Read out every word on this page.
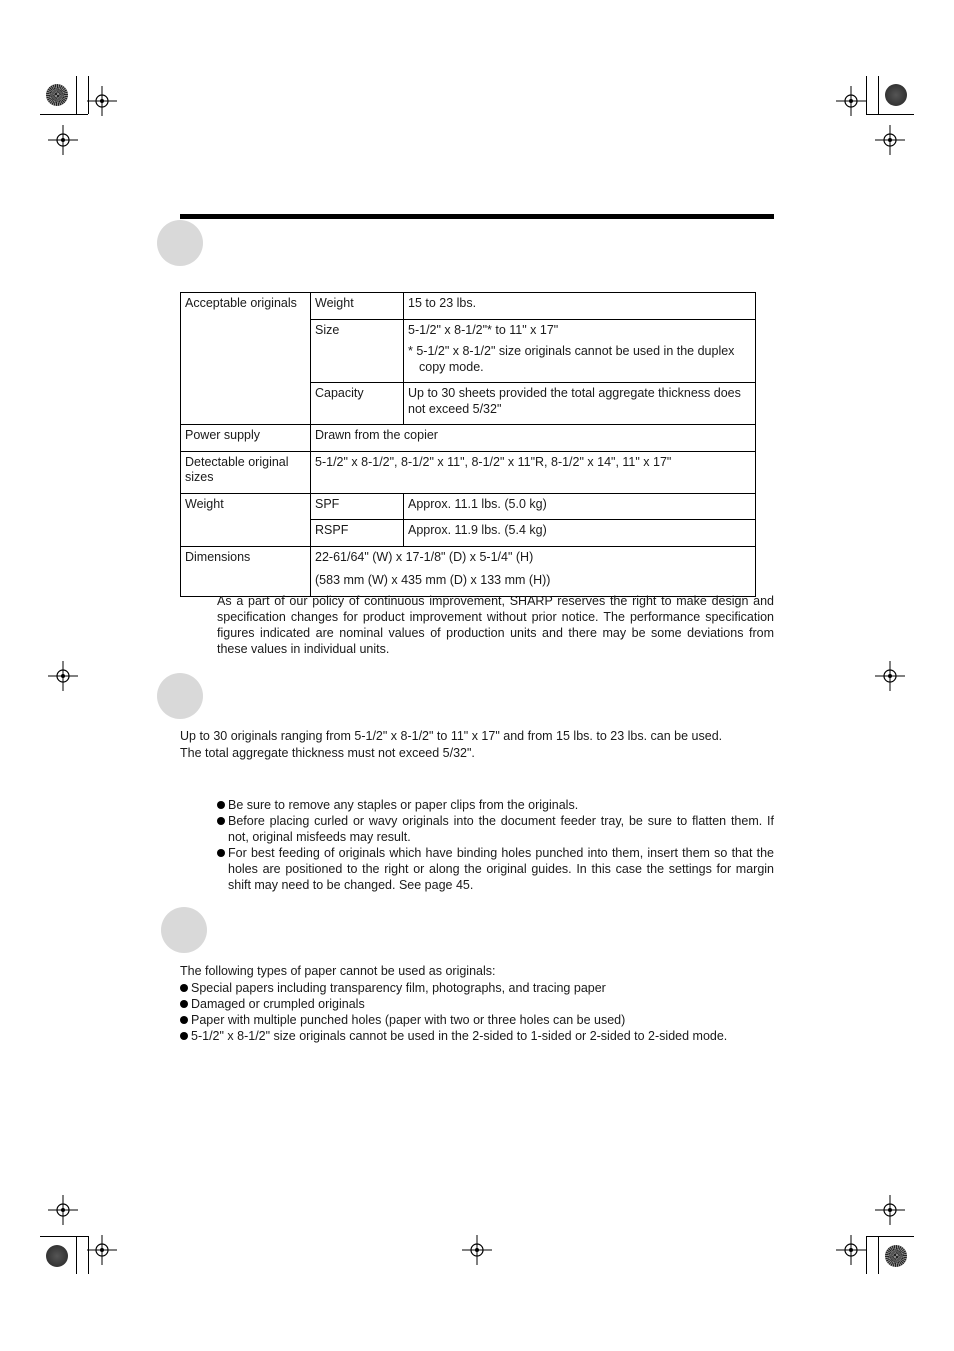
Acceptable originals	Weight	15 to 23 lbs.
	Size	5-1/2" x 8-1/2"* to 11" x 17"
* 5-1/2" x 8-1/2" size originals cannot be used in the duplex copy mode.

	Capacity	Up to 30 sheets provided the total aggregate thickness does not exceed 5/32"
Power supply	Drawn from the copier	
Detectable original sizes	5-1/2" x 8-1/2", 8-1/2" x 11", 8-1/2" x 11"R, 8-1/2" x 14", 11" x 17"	
Weight	SPF	Approx. 11.1 lbs. (5.0 kg)
	RSPF	Approx. 11.9 lbs. (5.4 kg)
Dimensions	22-61/64" (W) x 17-1/8" (D) x 5-1/4" (H)
(583 mm (W) x 435 mm (D) x 133 mm (H))	
As a part of our policy of continuous improvement, SHARP reserves the right to make design and specification changes for product improvement without prior notice. The performance specification figures indicated are nominal values of production units and there may be some deviations from these values in individual units.
Up to 30 originals ranging from 5-1/2" x 8-1/2" to 11" x 17" and from 15 lbs. to 23 lbs. can be used.
The total aggregate thickness must not exceed 5/32".
Be sure to remove any staples or paper clips from the originals.
Before placing curled or wavy originals into the document feeder tray, be sure to flatten them. If not, original misfeeds may result.
For best feeding of originals which have binding holes punched into them, insert them so that the holes are positioned to the right or along the original guides. In this case the settings for margin shift may need to be changed. See page 45.
The following types of paper cannot be used as originals:
Special papers including transparency film, photographs, and tracing paper
Damaged or crumpled originals
Paper with multiple punched holes (paper with two or three holes can be used)
5-1/2" x 8-1/2" size originals cannot be used in the 2-sided to 1-sided or 2-sided to 2-sided mode.
